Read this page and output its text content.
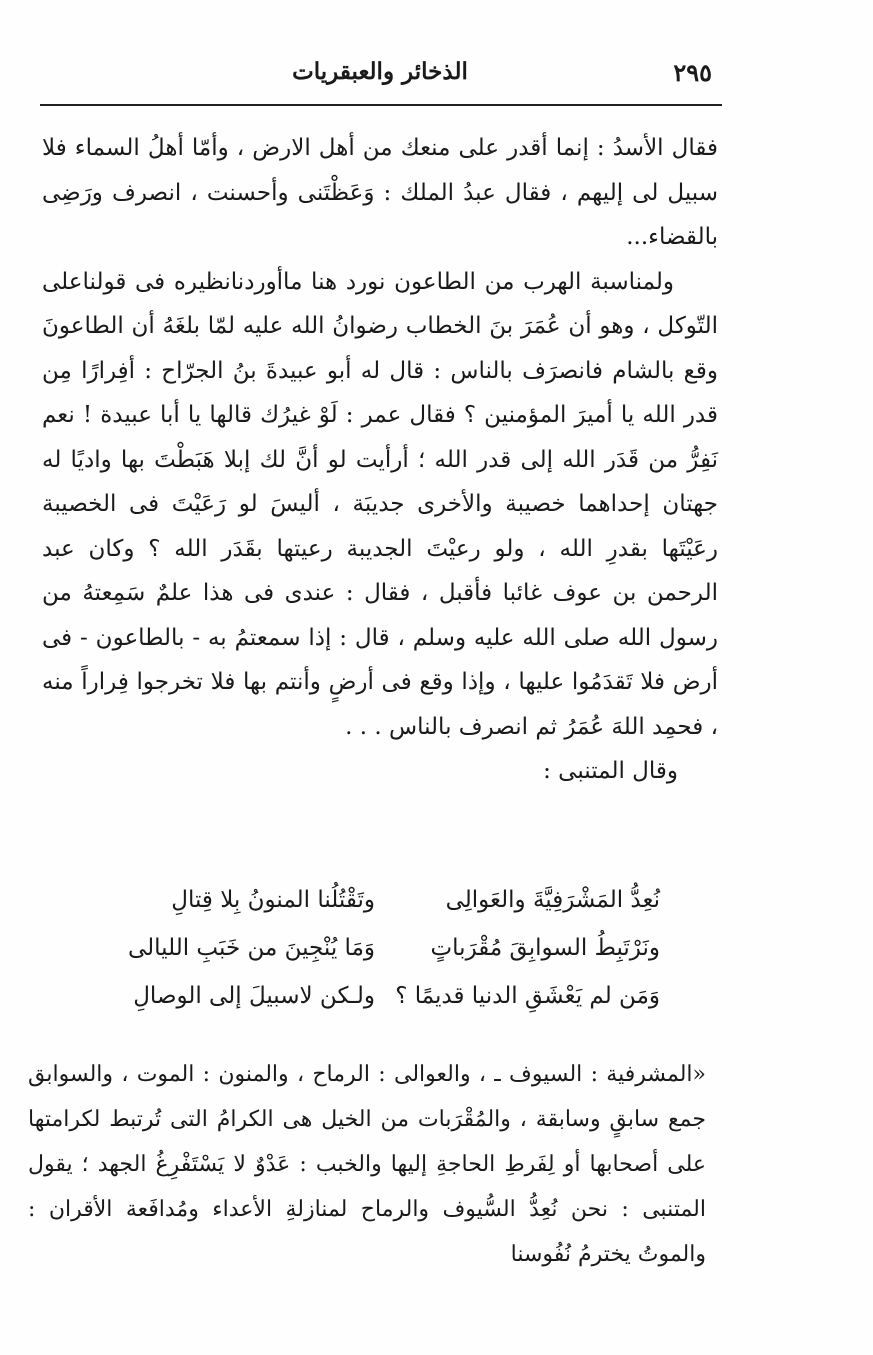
٢٩٥
الذخائر والعبقريات

فقال الأسدُ : إنما أقدر على منعك من أهل الارض ، وأمّا أهلُ السماء فلا سبيل لى إليهم ، فقال عبدُ الملك : وَعَظْتَنى وأحسنت ، انصرف ورَضِى بالقضاء...

ولمناسبة الهرب من الطاعون نورد هنا ماأوردنانظيره فى قولناعلى التّوكل ، وهو أن عُمَرَ بنَ الخطاب رضوانُ الله عليه لمّا بلغَهُ أن الطاعونَ وقع بالشام فانصرَف بالناس : قال له أبو عبيدةَ بنُ الجرّاح : أفِرارًا مِن قدر الله يا أميرَ المؤمنين ؟ فقال عمر : لَوْ غيرُك قالها يا أبا عبيدة ! نعم نَفِرُّ من قَدَر الله إلى قدر الله ؛ أرأيت لو أنَّ لك إبلا هَبَطْتَ بها واديًا له جهتان إحداهما خصيبة والأخرى جديبَة ، أليسَ لو رَعَيْتَ فى الخصيبة رعَيْتَها بقدرِ الله ، ولو رعيْتَ الجديبة رعيتها بقَدَر الله ؟ وكان عبد الرحمن بن عوف غائبا فأقبل ، فقال : عندى فى هذا علمٌ سَمِعتهُ من رسول الله صلى الله عليه وسلم ، قال : إذا سمعتمُ به - بالطاعون - فى أرض فلا تَقدَمُوا عليها ، وإذا وقع فى أرضٍ وأنتم بها فلا تخرجوا فِراراً منه ، فحمِد اللهَ عُمَرُ ثم انصرف بالناس . . .

وقال المتنبى :

نُعِدُّ المَشْرَفِيَّةَ والعَوالِى
وتَقْتُلُنا المنونُ بِلا قِتالِ
ونَرْتَبِطُ السوابِقَ مُقْرَباتٍ
وَمَا يُنْجِينَ من خَبَبِ الليالى
وَمَن لم يَعْشَقِ الدنيا قديمًا ؟
ولـكن لاسبيلَ إلى الوصالِ
«المشرفية : السيوف ـ ، والعوالى : الرماح ، والمنون : الموت ، والسوابق جمع سابقٍ وسابقة ، والمُقْرَبات من الخيل هى الكرامُ التى تُرتبط لكرامتها على أصحابها أو لِفَرطِ الحاجةِ إليها والخبب : عَدْوٌ لا يَسْتَفْرِغُ الجهد ؛ يقول المتنبى : نحن نُعِدُّ السُّيوف والرماح لمنازلةِ الأعداء ومُدافَعة الأقران : والموتُ يخترمُ نُفُوسنا
